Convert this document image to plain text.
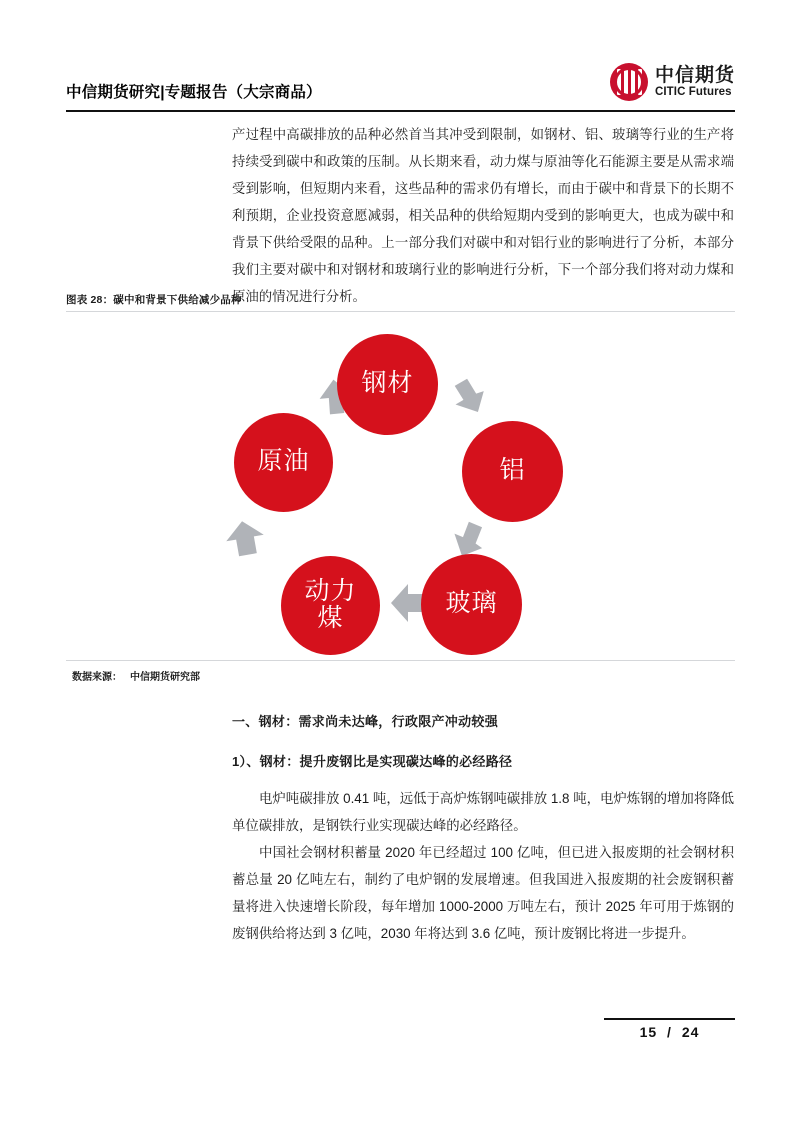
中信期货研究|专题报告（大宗商品）
中信期货
CITIC Futures
产过程中高碳排放的品种必然首当其冲受到限制，如钢材、铝、玻璃等行业的生产将持续受到碳中和政策的压制。从长期来看，动力煤与原油等化石能源主要是从需求端受到影响，但短期内来看，这些品种的需求仍有增长，而由于碳中和背景下的长期不利预期，企业投资意愿减弱，相关品种的供给短期内受到的影响更大，也成为碳中和背景下供给受限的品种。上一部分我们对碳中和对铝行业的影响进行了分析，本部分我们主要对碳中和对钢材和玻璃行业的影响进行分析，下一个部分我们将对动力煤和原油的情况进行分析。
图表 28：碳中和背景下供给减少品种
钢材
铝
玻璃
动力煤
原油
数据来源： 中信期货研究部
一、钢材：需求尚未达峰，行政限产冲动较强
1）、钢材：提升废钢比是实现碳达峰的必经路径
电炉吨碳排放 0.41 吨，远低于高炉炼钢吨碳排放 1.8 吨，电炉炼钢的增加将降低单位碳排放，是钢铁行业实现碳达峰的必经路径。
中国社会钢材积蓄量 2020 年已经超过 100 亿吨，但已进入报废期的社会钢材积蓄总量 20 亿吨左右，制约了电炉钢的发展增速。但我国进入报废期的社会废钢积蓄量将进入快速增长阶段，每年增加 1000-2000 万吨左右，预计 2025 年可用于炼钢的废钢供给将达到 3 亿吨，2030 年将达到 3.6 亿吨，预计废钢比将进一步提升。
15 / 24
